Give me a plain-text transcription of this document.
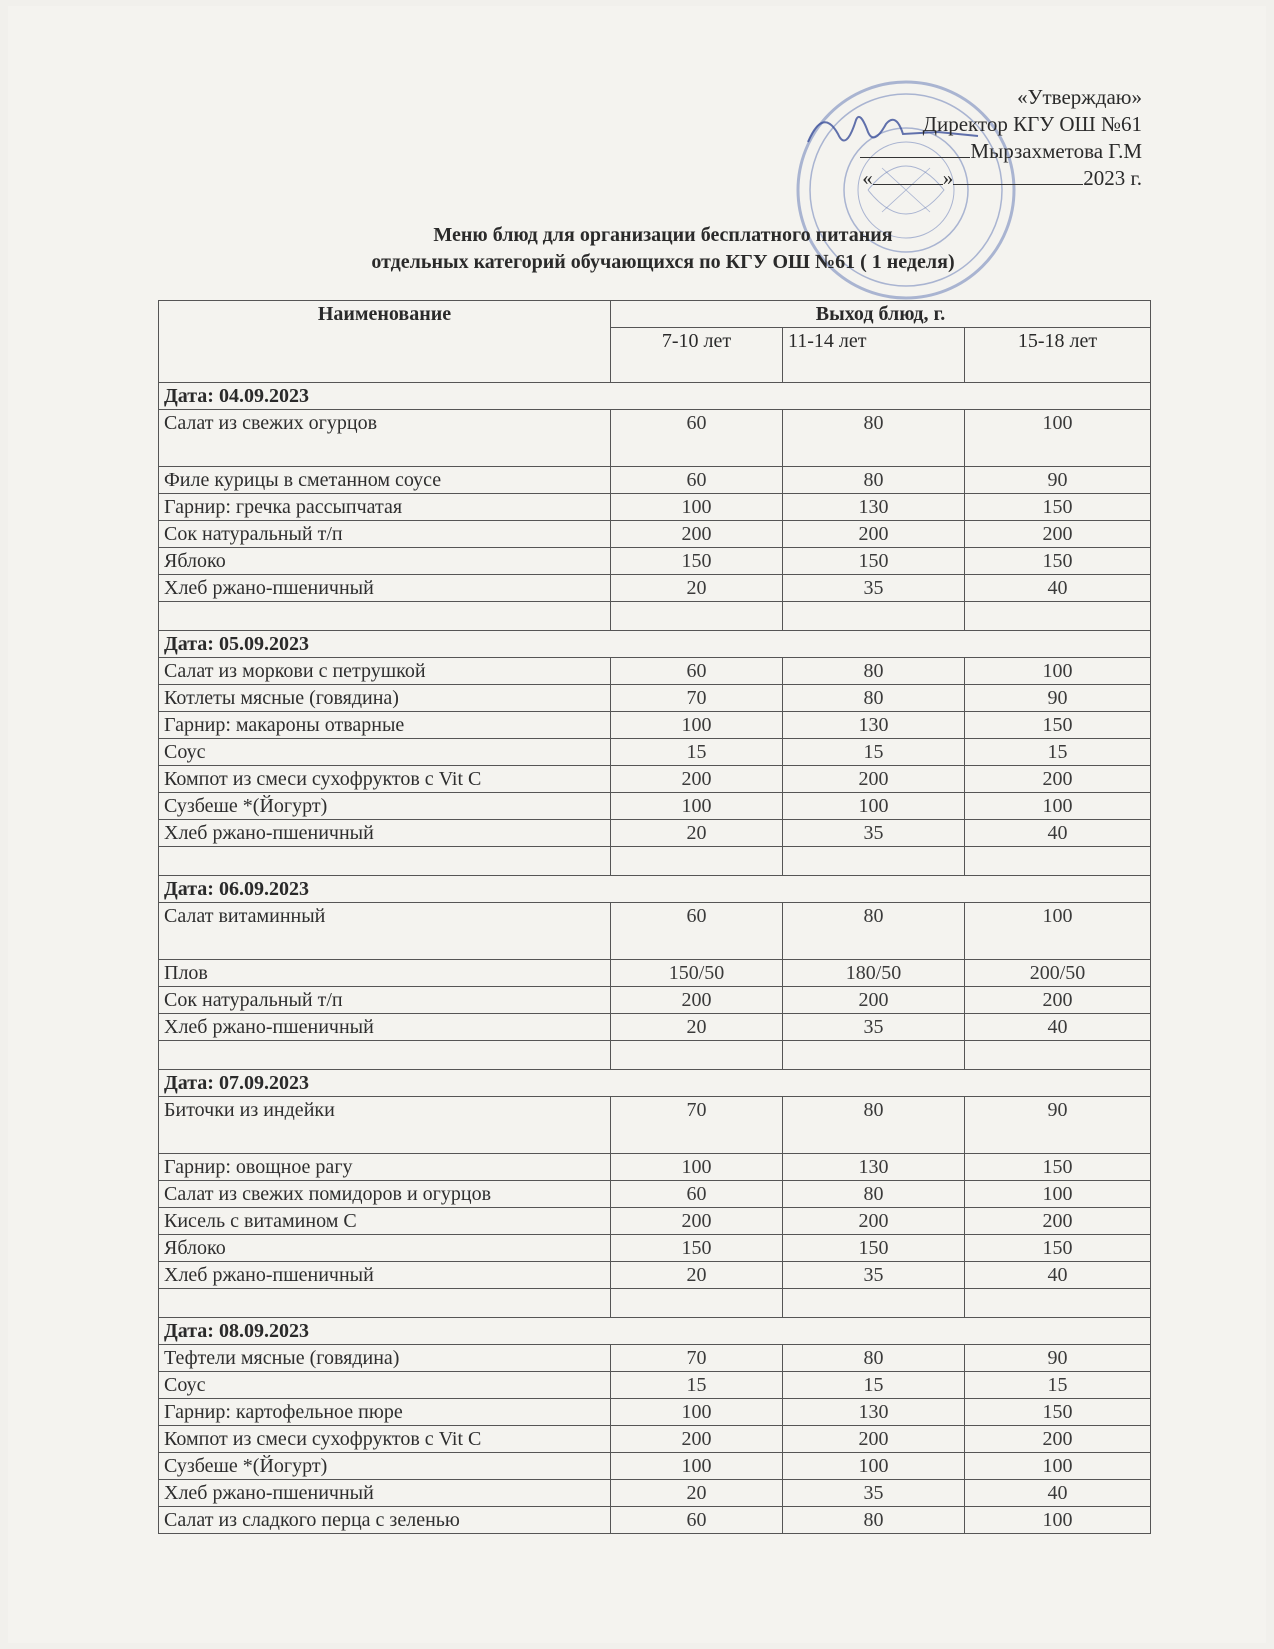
«Утверждаю»
Директор КГУ ОШ №61
Мырзахметова Г.М
«	»	2023 г.
Меню блюд для организации бесплатного питания
отдельных категорий обучающихся по КГУ ОШ №61 ( 1 неделя)
Наименование	Выход блюд, г.		
	7-10 лет	11-14 лет	15-18 лет
Дата: 04.09.2023			
Салат из свежих огурцов	60	80	100
Филе курицы в сметанном соусе	60	80	90
Гарнир: гречка рассыпчатая	100	130	150
Сок натуральный т/п	200	200	200
Яблоко	150	150	150
Хлеб ржано-пшеничный	20	35	40

Дата: 05.09.2023			
Салат из моркови с петрушкой	60	80	100
Котлеты мясные (говядина)	70	80	90
Гарнир: макароны отварные	100	130	150
Соус	15	15	15
Компот из смеси сухофруктов с Vit C	200	200	200
Сузбеше *(Йогурт)	100	100	100
Хлеб ржано-пшеничный	20	35	40

Дата: 06.09.2023			
Салат витаминный	60	80	100
Плов	150/50	180/50	200/50
Сок натуральный т/п	200	200	200
Хлеб ржано-пшеничный	20	35	40

Дата: 07.09.2023			
Биточки из индейки	70	80	90
Гарнир: овощное рагу	100	130	150
Салат из свежих помидоров и огурцов	60	80	100
Кисель с витамином С	200	200	200
Яблоко	150	150	150
Хлеб ржано-пшеничный	20	35	40

Дата: 08.09.2023			
Тефтели мясные (говядина)	70	80	90
Соус	15	15	15
Гарнир: картофельное пюре	100	130	150
Компот из смеси сухофруктов с Vit C	200	200	200
Сузбеше *(Йогурт)	100	100	100
Хлеб ржано-пшеничный	20	35	40
Салат из сладкого перца с зеленью	60	80	100
